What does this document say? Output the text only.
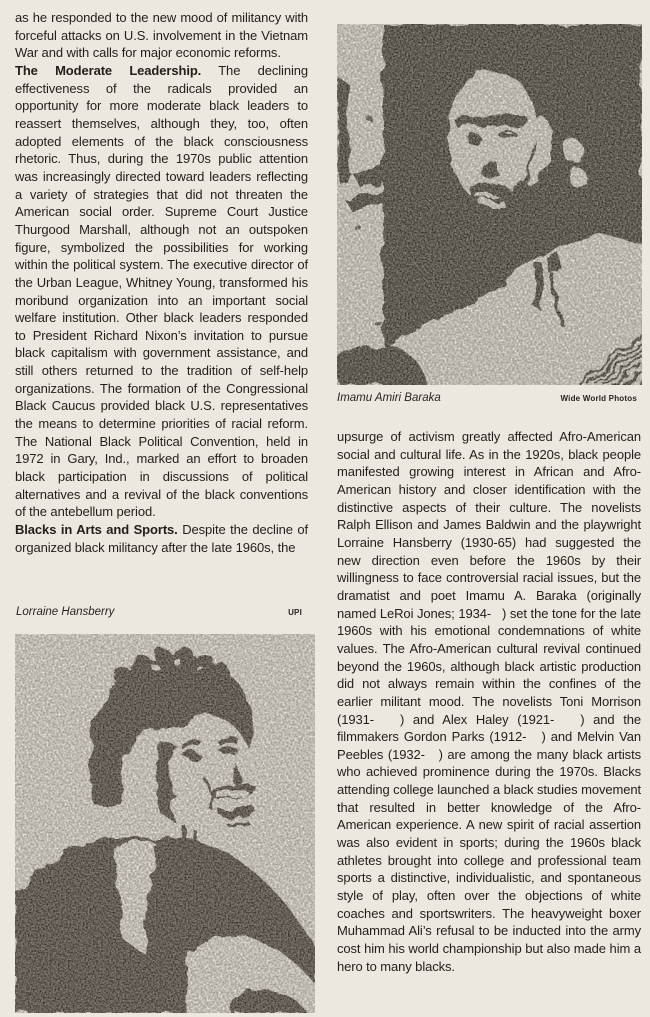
as he responded to the new mood of militancy with forceful attacks on U.S. involvement in the Vietnam War and with calls for major economic reforms.

The Moderate Leadership. The declining effectiveness of the radicals provided an opportunity for more moderate black leaders to reassert themselves, although they, too, often adopted elements of the black consciousness rhetoric. Thus, during the 1970s public attention was increasingly directed toward leaders reflecting a variety of strategies that did not threaten the American social order. Supreme Court Justice Thurgood Marshall, although not an outspoken figure, symbolized the possibilities for working within the political system. The executive director of the Urban League, Whitney Young, transformed his moribund organization into an important social welfare institution. Other black leaders responded to President Richard Nixon’s invitation to pursue black capitalism with government assistance, and still others returned to the tradition of self-help organizations. The formation of the Congressional Black Caucus provided black U.S. representatives the means to determine priorities of racial reform. The National Black Political Convention, held in 1972 in Gary, Ind., marked an effort to broaden black participation in discussions of political alternatives and a revival of the black conventions of the antebellum period.

Blacks in Arts and Sports. Despite the decline of organized black militancy after the late 1960s, the

Lorraine Hansberry	UPI
Imamu Amiri Baraka	Wide World Photos

upsurge of activism greatly affected Afro-American social and cultural life. As in the 1920s, black people manifested growing interest in African and Afro-American history and closer identification with the distinctive aspects of their culture. The novelists Ralph Ellison and James Baldwin and the playwright Lorraine Hansberry (1930-65) had suggested the new direction even before the 1960s by their willingness to face controversial racial issues, but the dramatist and poet Imamu A. Baraka (originally named LeRoi Jones; 1934-   ) set the tone for the late 1960s with his emotional condemnations of white values. The Afro-American cultural revival continued beyond the 1960s, although black artistic production did not always remain within the confines of the earlier militant mood. The novelists Toni Morrison (1931-   ) and Alex Haley (1921-   ) and the filmmakers Gordon Parks (1912-   ) and Melvin Van Peebles (1932-   ) are among the many black artists who achieved prominence during the 1970s. Blacks attending college launched a black studies movement that resulted in better knowledge of the Afro-American experience. A new spirit of racial assertion was also evident in sports; during the 1960s black athletes brought into college and professional team sports a distinctive, individualistic, and spontaneous style of play, often over the objections of white coaches and sportswriters. The heavyweight boxer Muhammad Ali’s refusal to be inducted into the army cost him his world championship but also made him a hero to many blacks.
